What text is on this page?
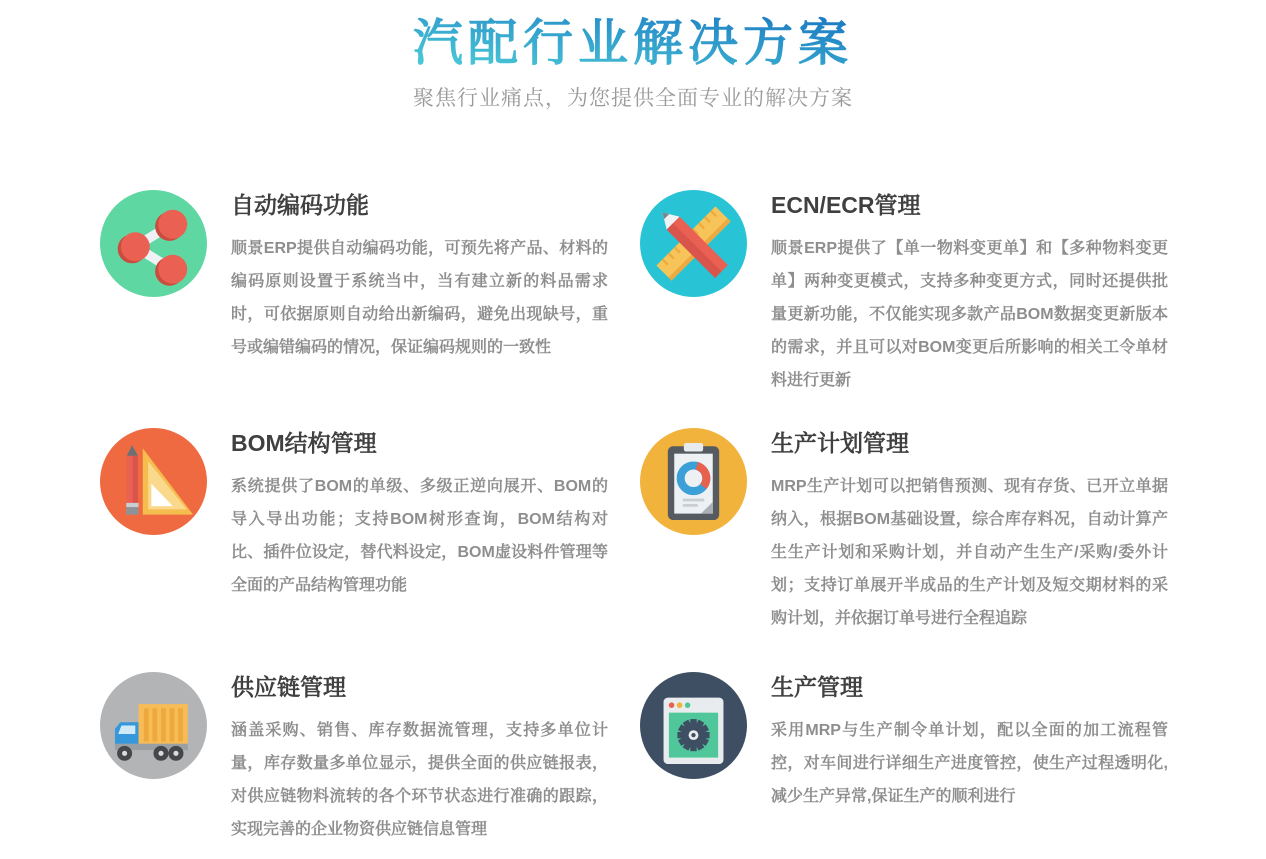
汽配行业解决方案

聚焦行业痛点，为您提供全面专业的解决方案

自动编码功能

顺景ERP提供自动编码功能，可预先将产品、材料的编码原则设置于系统当中，当有建立新的料品需求时，可依据原则自动给出新编码，避免出现缺号，重号或编错编码的情况，保证编码规则的一致性

ECN/ECR管理

顺景ERP提供了【单一物料变更单】和【多种物料变更单】两种变更模式，支持多种变更方式，同时还提供批量更新功能，不仅能实现多款产品BOM数据变更新版本的需求，并且可以对BOM变更后所影响的相关工令单材料进行更新

BOM结构管理

系统提供了BOM的单级、多级正逆向展开、BOM的导入导出功能；支持BOM树形查询，BOM结构对比、插件位设定，替代料设定，BOM虚设料件管理等全面的产品结构管理功能

生产计划管理

MRP生产计划可以把销售预测、现有存货、已开立单据纳入，根据BOM基础设置，综合库存料况，自动计算产生生产计划和采购计划，并自动产生生产/采购/委外计划；支持订单展开半成品的生产计划及短交期材料的采购计划，并依据订单号进行全程追踪

供应链管理

涵盖采购、销售、库存数据流管理，支持多单位计量，库存数量多单位显示，提供全面的供应链报表，对供应链物料流转的各个环节状态进行准确的跟踪，实现完善的企业物资供应链信息管理

生产管理

采用MRP与生产制令单计划，配以全面的加工流程管控，对车间进行详细生产进度管控，使生产过程透明化,减少生产异常,保证生产的顺利进行
